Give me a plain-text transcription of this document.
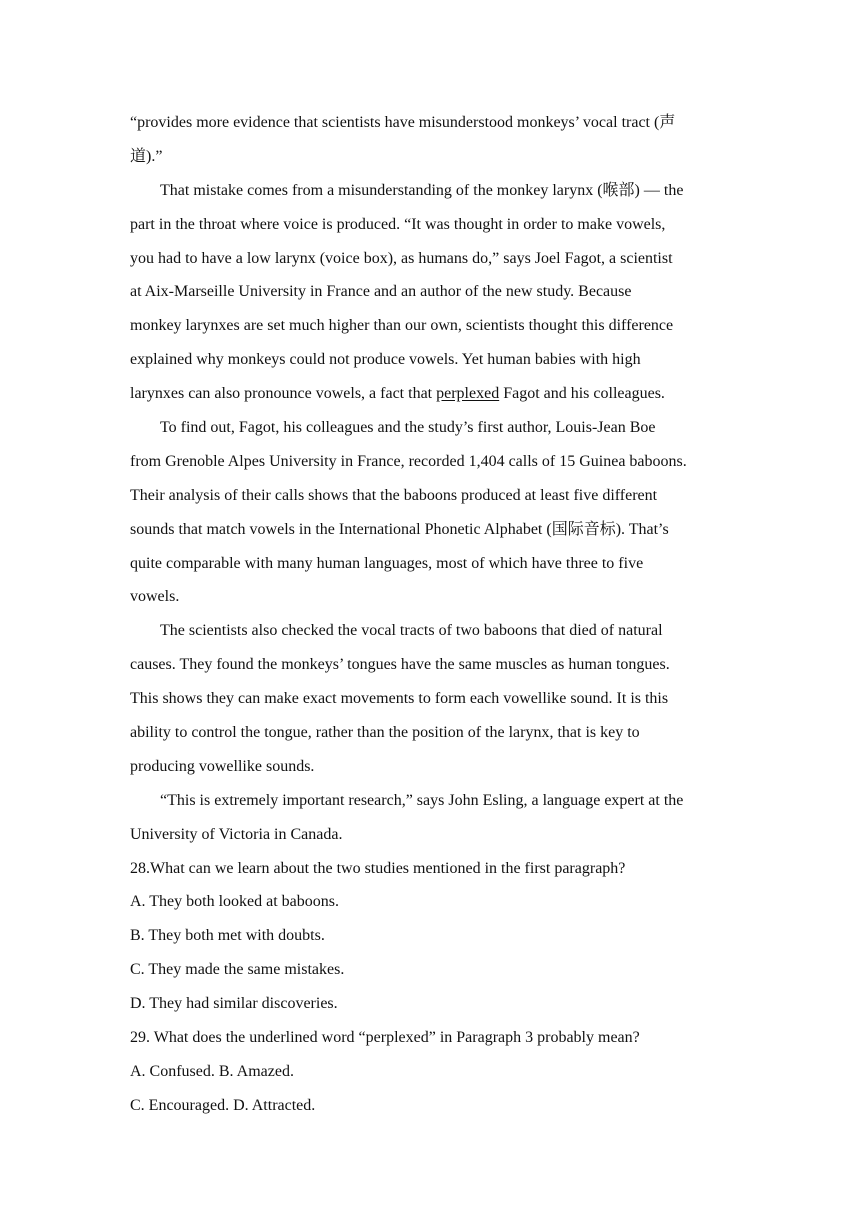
“provides more evidence that scientists have misunderstood monkeys’ vocal tract (声
道).”
That mistake comes from a misunderstanding of the monkey larynx (喉部) — the
part in the throat where voice is produced. “It was thought in order to make vowels,
you had to have a low larynx (voice box), as humans do,” says Joel Fagot, a scientist
at Aix-Marseille University in France and an author of the new study. Because
monkey larynxes are set much higher than our own, scientists thought this difference
explained why monkeys could not produce vowels. Yet human babies with high
larynxes can also pronounce vowels, a fact that perplexed Fagot and his colleagues.
To find out, Fagot, his colleagues and the study’s first author, Louis-Jean Boe
from Grenoble Alpes University in France, recorded 1,404 calls of 15 Guinea baboons.
Their analysis of their calls shows that the baboons produced at least five different
sounds that match vowels in the International Phonetic Alphabet (国际音标). That’s
quite comparable with many human languages, most of which have three to five
vowels.
The scientists also checked the vocal tracts of two baboons that died of natural
causes. They found the monkeys’ tongues have the same muscles as human tongues.
This shows they can make exact movements to form each vowellike sound. It is this
ability to control the tongue, rather than the position of the larynx, that is key to
producing vowellike sounds.
“This is extremely important research,” says John Esling, a language expert at the
University of Victoria in Canada.
28.What can we learn about the two studies mentioned in the first paragraph?
A. They both looked at baboons.
B. They both met with doubts.
C. They made the same mistakes.
D. They had similar discoveries.
29. What does the underlined word “perplexed” in Paragraph 3 probably mean?
A. Confused. B. Amazed.
C. Encouraged. D. Attracted.
